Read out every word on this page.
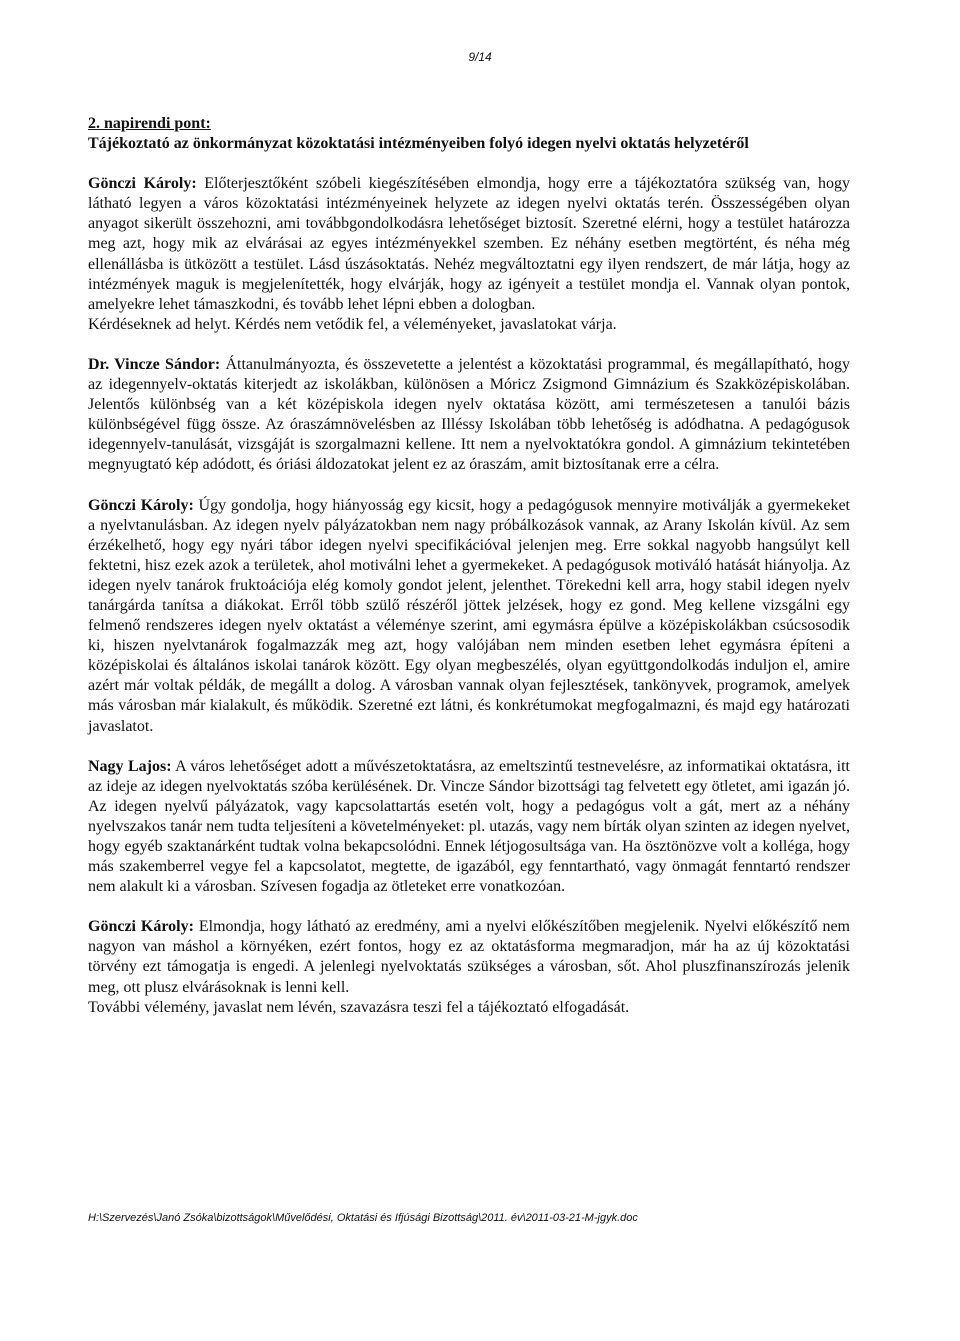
9/14

2. napirendi pont:

Tájékoztató az önkormányzat közoktatási intézményeiben folyó idegen nyelvi oktatás helyzetéről

Gönczi Károly: Előterjesztőként szóbeli kiegészítésében elmondja, hogy erre a tájékoztatóra szükség van, hogy látható legyen a város közoktatási intézményeinek helyzete az idegen nyelvi oktatás terén. Összességében olyan anyagot sikerült összehozni, ami továbbgondolkodásra lehetőséget biztosít. Szeretné elérni, hogy a testület határozza meg azt, hogy mik az elvárásai az egyes intézményekkel szemben. Ez néhány esetben megtörtént, és néha még ellenállásba is ütközött a testület. Lásd úszásoktatás. Nehéz megváltoztatni egy ilyen rendszert, de már látja, hogy az intézmények maguk is megjelenítették, hogy elvárják, hogy az igényeit a testület mondja el. Vannak olyan pontok, amelyekre lehet támaszkodni, és tovább lehet lépni ebben a dologban.

Kérdéseknek ad helyt. Kérdés nem vetődik fel, a véleményeket, javaslatokat várja.

Dr. Vincze Sándor: Áttanulmányozta, és összevetette a jelentést a közoktatási programmal, és megállapítható, hogy az idegennyelv-oktatás kiterjedt az iskolákban, különösen a Móricz Zsigmond Gimnázium és Szakközépiskolában. Jelentős különbség van a két középiskola idegen nyelv oktatása között, ami természetesen a tanulói bázis különbségével függ össze. Az óraszámnövelésben az Illéssy Iskolában több lehetőség is adódhatna. A pedagógusok idegennyelv-tanulását, vizsgáját is szorgalmazni kellene. Itt nem a nyelvoktatókra gondol. A gimnázium tekintetében megnyugtató kép adódott, és óriási áldozatokat jelent ez az óraszám, amit biztosítanak erre a célra.

Gönczi Károly: Úgy gondolja, hogy hiányosság egy kicsit, hogy a pedagógusok mennyire motiválják a gyermekeket a nyelvtanulásban. Az idegen nyelv pályázatokban nem nagy próbálkozások vannak, az Arany Iskolán kívül. Az sem érzékelhető, hogy egy nyári tábor idegen nyelvi specifikációval jelenjen meg. Erre sokkal nagyobb hangsúlyt kell fektetni, hisz ezek azok a területek, ahol motiválni lehet a gyermekeket. A pedagógusok motiváló hatását hiányolja. Az idegen nyelv tanárok fruktoációja elég komoly gondot jelent, jelenthet. Törekedni kell arra, hogy stabil idegen nyelv tanárgárda tanítsa a diákokat. Erről több szülő részéről jöttek jelzések, hogy ez gond. Meg kellene vizsgálni egy felmenő rendszeres idegen nyelv oktatást a véleménye szerint, ami egymásra épülve a középiskolákban csúcsosodik ki, hiszen nyelvtanárok fogalmazzák meg azt, hogy valójában nem minden esetben lehet egymásra építeni a középiskolai és általános iskolai tanárok között. Egy olyan megbeszélés, olyan együttgondolkodás induljon el, amire azért már voltak példák, de megállt a dolog. A városban vannak olyan fejlesztések, tankönyvek, programok, amelyek más városban már kialakult, és működik. Szeretné ezt látni, és konkrétumokat megfogalmazni, és majd egy határozati javaslatot.

Nagy Lajos: A város lehetőséget adott a művészetoktatásra, az emeltszintű testnevelésre, az informatikai oktatásra, itt az ideje az idegen nyelvoktatás szóba kerülésének. Dr. Vincze Sándor bizottsági tag felvetett egy ötletet, ami igazán jó. Az idegen nyelvű pályázatok, vagy kapcsolattartás esetén volt, hogy a pedagógus volt a gát, mert az a néhány nyelvszakos tanár nem tudta teljesíteni a követelményeket: pl. utazás, vagy nem bírták olyan szinten az idegen nyelvet, hogy egyéb szaktanárként tudtak volna bekapcsolódni. Ennek létjogosultsága van. Ha ösztönözve volt a kolléga, hogy más szakemberrel vegye fel a kapcsolatot, megtette, de igazából, egy fenntartható, vagy önmagát fenntartó rendszer nem alakult ki a városban. Szívesen fogadja az ötleteket erre vonatkozóan.

Gönczi Károly: Elmondja, hogy látható az eredmény, ami a nyelvi előkészítőben megjelenik. Nyelvi előkészítő nem nagyon van máshol a környéken, ezért fontos, hogy ez az oktatásforma megmaradjon, már ha az új közoktatási törvény ezt támogatja is engedi. A jelenlegi nyelvoktatás szükséges a városban, sőt. Ahol pluszfinanszírozás jelenik meg, ott plusz elvárásoknak is lenni kell.

További vélemény, javaslat nem lévén, szavazásra teszi fel a tájékoztató elfogadását.

H:\Szervezés\Janó Zsóka\bizottságok\Művelődési, Oktatási és Ifjúsági Bizottság\2011. év\2011-03-21-M-jgyk.doc
